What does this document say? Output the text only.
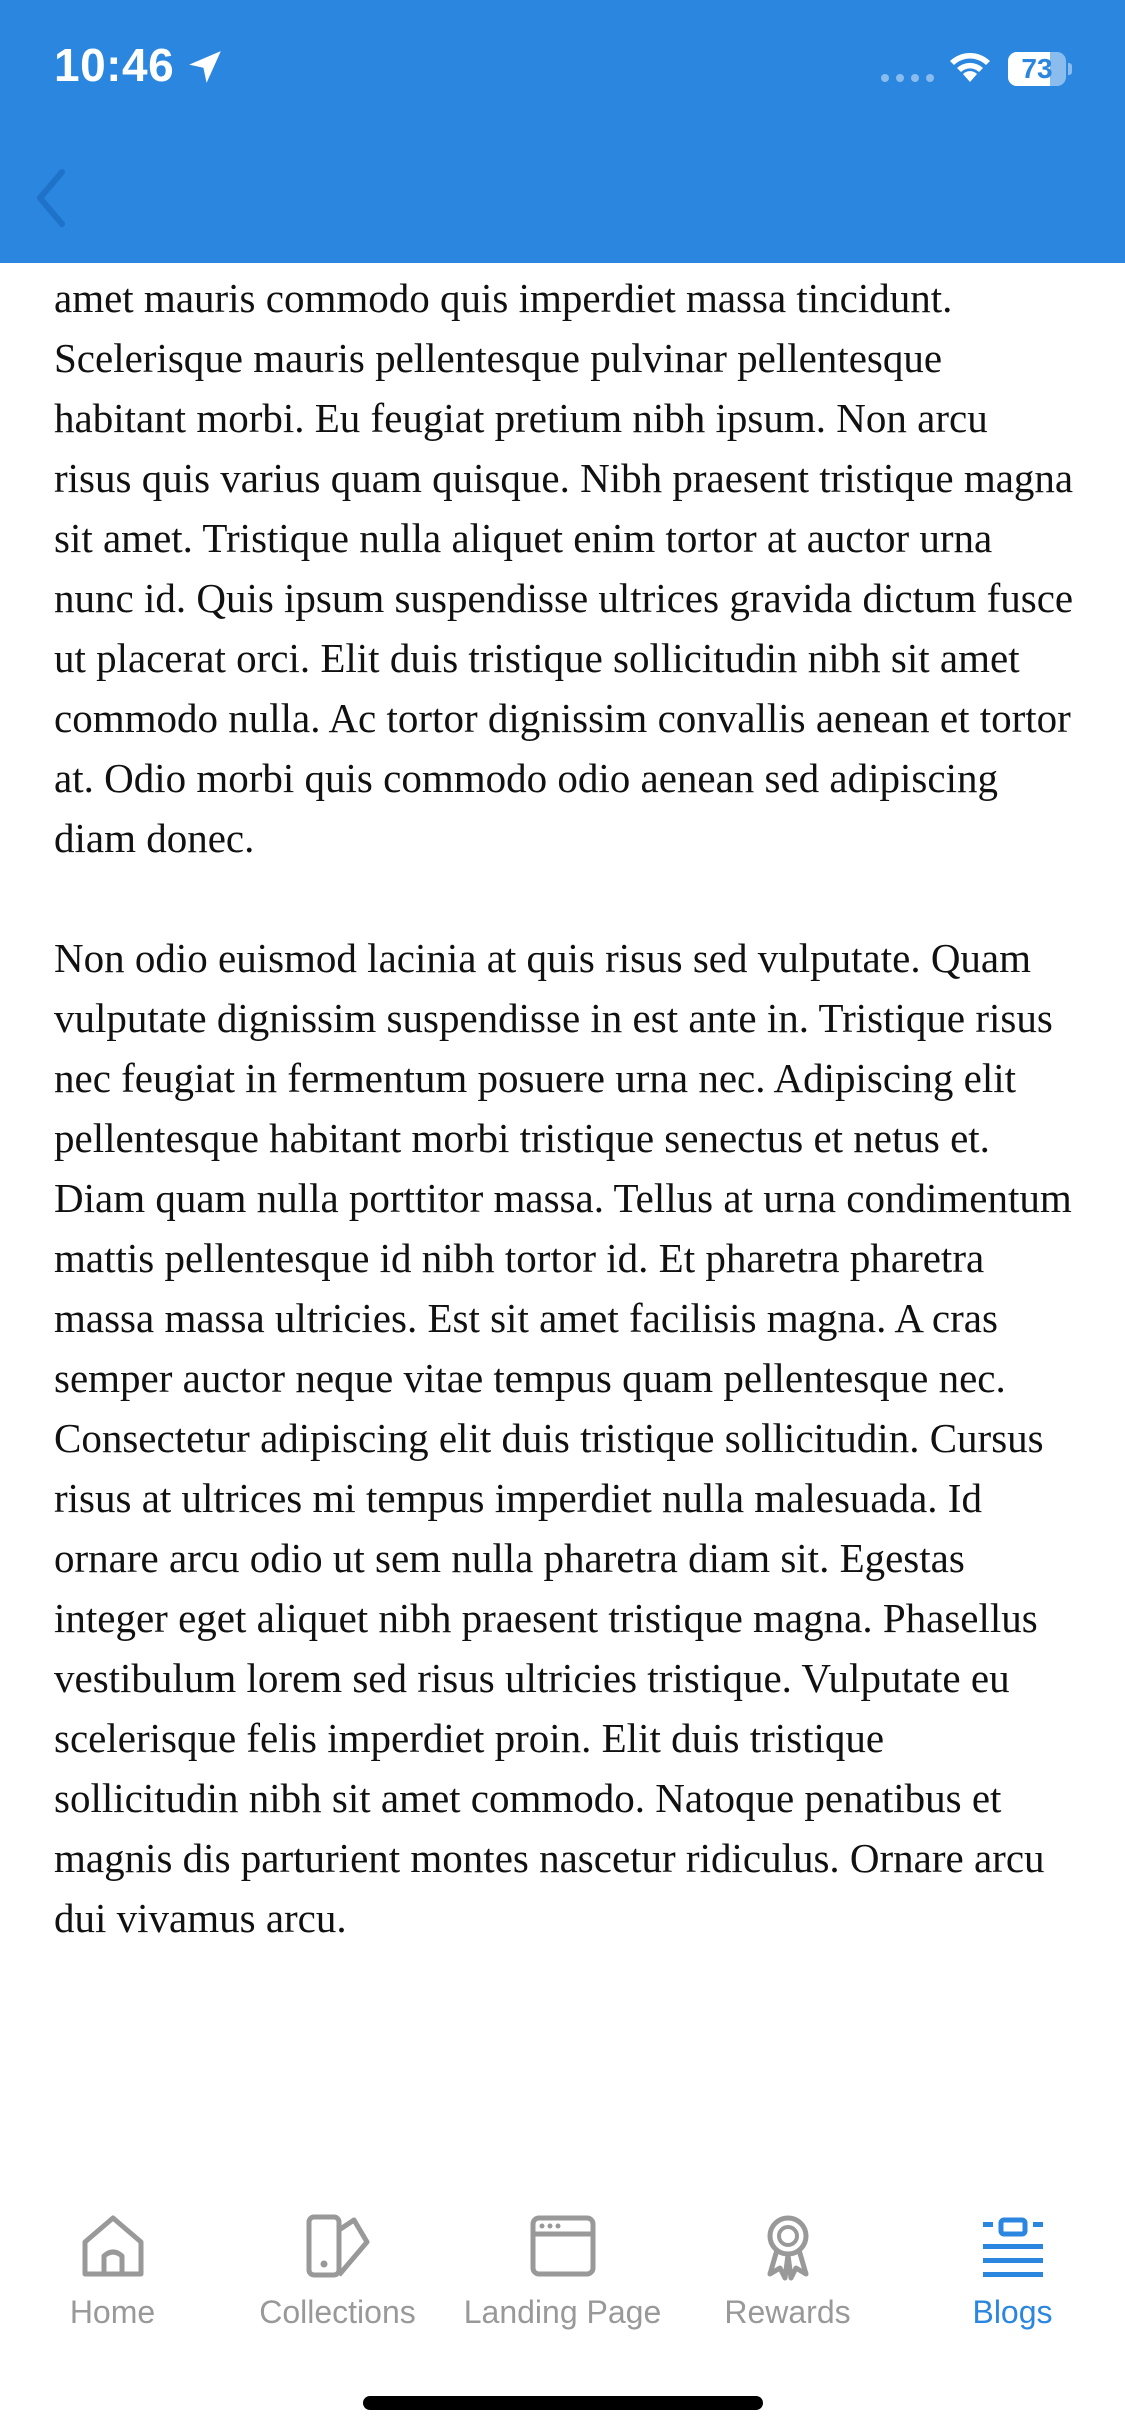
10:46	73

amet mauris commodo quis imperdiet massa tincidunt. Scelerisque mauris pellentesque pulvinar pellentesque habitant morbi. Eu feugiat pretium nibh ipsum. Non arcu risus quis varius quam quisque. Nibh praesent tristique magna sit amet. Tristique nulla aliquet enim tortor at auctor urna nunc id. Quis ipsum suspendisse ultrices gravida dictum fusce ut placerat orci. Elit duis tristique sollicitudin nibh sit amet commodo nulla. Ac tortor dignissim convallis aenean et tortor at. Odio morbi quis commodo odio aenean sed adipiscing diam donec.

Non odio euismod lacinia at quis risus sed vulputate. Quam vulputate dignissim suspendisse in est ante in. Tristique risus nec feugiat in fermentum posuere urna nec. Adipiscing elit pellentesque habitant morbi tristique senectus et netus et. Diam quam nulla porttitor massa. Tellus at urna condimentum mattis pellentesque id nibh tortor id. Et pharetra pharetra massa massa ultricies. Est sit amet facilisis magna. A cras semper auctor neque vitae tempus quam pellentesque nec. Consectetur adipiscing elit duis tristique sollicitudin. Cursus risus at ultrices mi tempus imperdiet nulla malesuada. Id ornare arcu odio ut sem nulla pharetra diam sit. Egestas integer eget aliquet nibh praesent tristique magna. Phasellus vestibulum lorem sed risus ultricies tristique. Vulputate eu scelerisque felis imperdiet proin. Elit duis tristique sollicitudin nibh sit amet commodo. Natoque penatibus et magnis dis parturient montes nascetur ridiculus. Ornare arcu dui vivamus arcu.

Home	Collections	Landing Page	Rewards	Blogs
